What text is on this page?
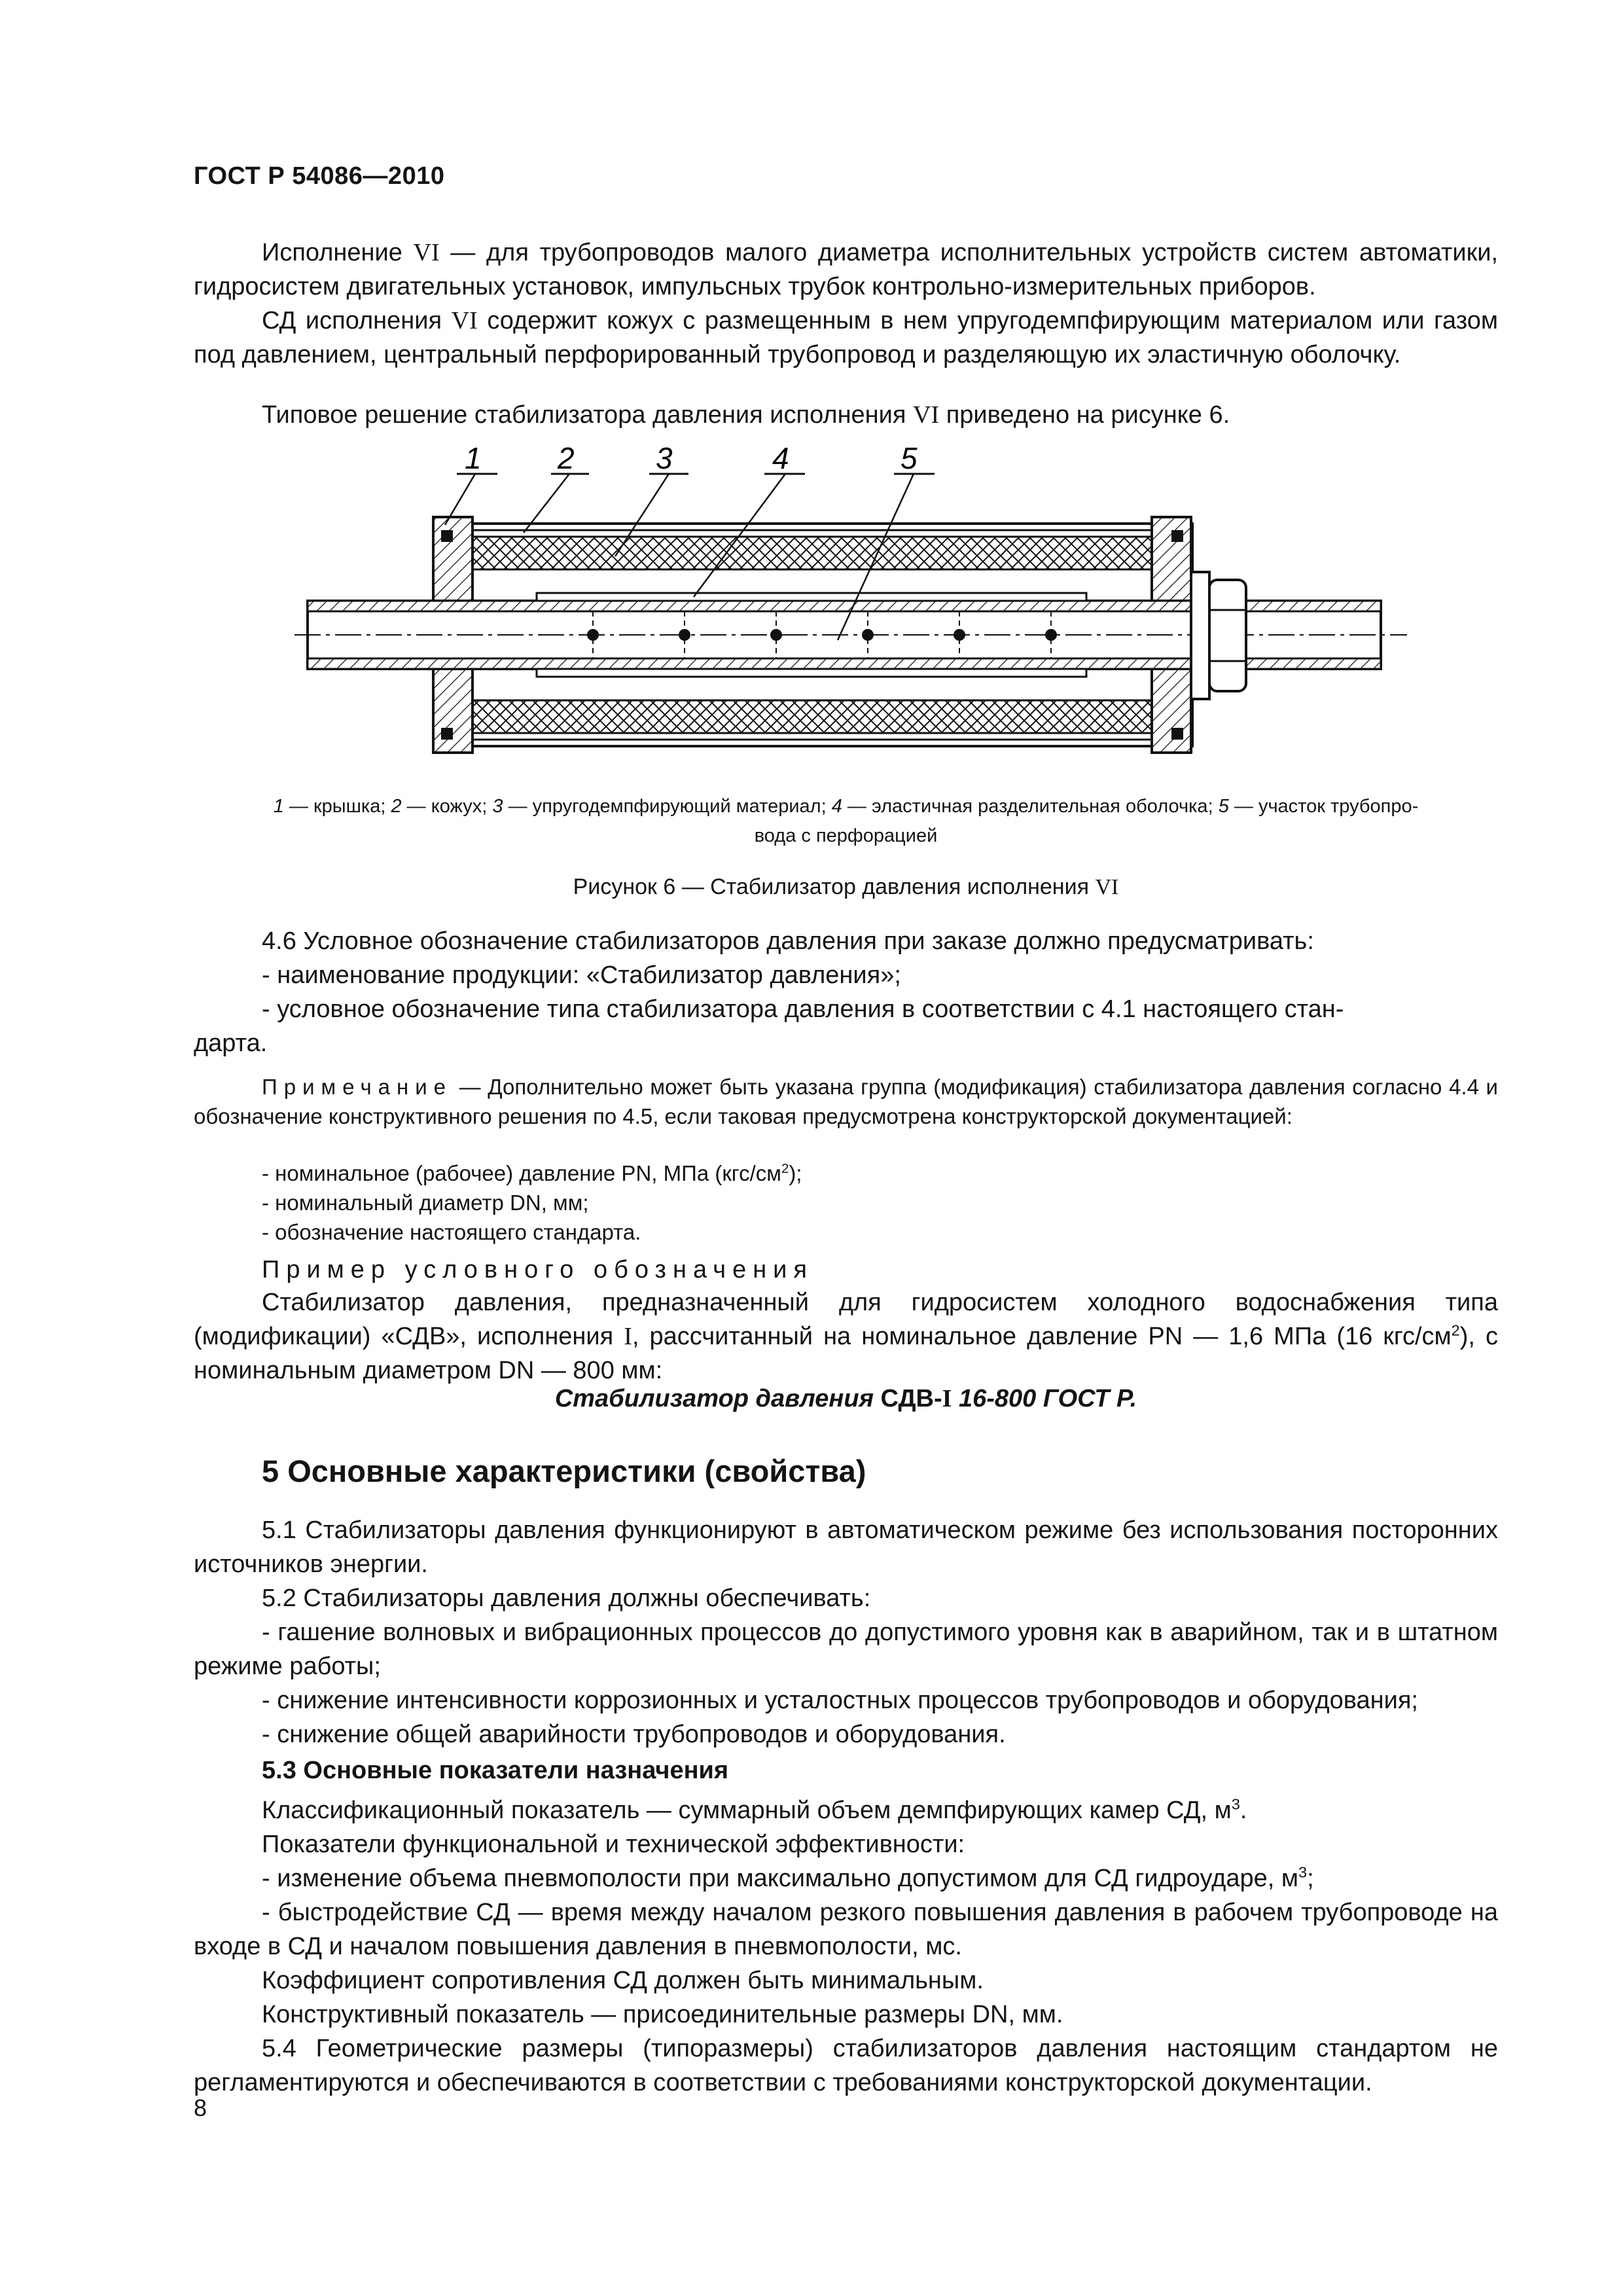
ГОСТ Р 54086—2010
Исполнение VI — для трубопроводов малого диаметра исполнительных устройств систем автоматики, гидросистем двигательных установок, импульсных трубок контрольно-измерительных приборов.
СД исполнения VI содержит кожух с размещенным в нем упругодемпфирующим материалом или газом под давлением, центральный перфорированный трубопровод и разделяющую их эластичную оболочку.
Типовое решение стабилизатора давления исполнения VI приведено на рисунке 6.
1	2	3	4	5
1 — крышка; 2 — кожух; 3 — упругодемпфирующий материал; 4 — эластичная разделительная оболочка; 5 — участок трубопро-
вода с перфорацией
Рисунок 6 — Стабилизатор давления исполнения VI
4.6 Условное обозначение стабилизаторов давления при заказе должно предусматривать:
- наименование продукции: «Стабилизатор давления»;
- условное обозначение типа стабилизатора давления в соответствии с 4.1 настоящего стан-
дарта.
Примечание — Дополнительно может быть указана группа (модификация) стабилизатора давления согласно 4.4 и обозначение конструктивного решения по 4.5, если таковая предусмотрена конструкторской документацией:
- номинальное (рабочее) давление PN, МПа $(кгс/см^2)$;
- номинальный диаметр DN, мм;
- обозначение настоящего стандарта.
Пример условного обозначения
Стабилизатор давления, предназначенный для гидросистем холодного водоснабжения типа (модификации) «СДВ», исполнения I, рассчитанный на номинальное давление PN — 1,6 МПа (16 кгс/$см^2$), с номинальным диаметром DN — 800 мм:
Стабилизатор давления СДВ-I 16-800 ГОСТ Р.
5 Основные характеристики (свойства)
5.1 Стабилизаторы давления функционируют в автоматическом режиме без использования посторонних источников энергии.
5.2 Стабилизаторы давления должны обеспечивать:
- гашение волновых и вибрационных процессов до допустимого уровня как в аварийном, так и в штатном режиме работы;
- снижение интенсивности коррозионных и усталостных процессов трубопроводов и оборудования;
- снижение общей аварийности трубопроводов и оборудования.
5.3 Основные показатели назначения
Классификационный показатель — суммарный объем демпфирующих камер СД, $м^3$.
Показатели функциональной и технической эффективности:
- изменение объема пневмополости при максимально допустимом для СД гидроударе, $м^3$;
- быстродействие СД — время между началом резкого повышения давления в рабочем трубопроводе на входе в СД и началом повышения давления в пневмополости, мс.
Коэффициент сопротивления СД должен быть минимальным.
Конструктивный показатель — присоединительные размеры DN, мм.
5.4 Геометрические размеры (типоразмеры) стабилизаторов давления настоящим стандартом не регламентируются и обеспечиваются в соответствии с требованиями конструкторской документации.
8
